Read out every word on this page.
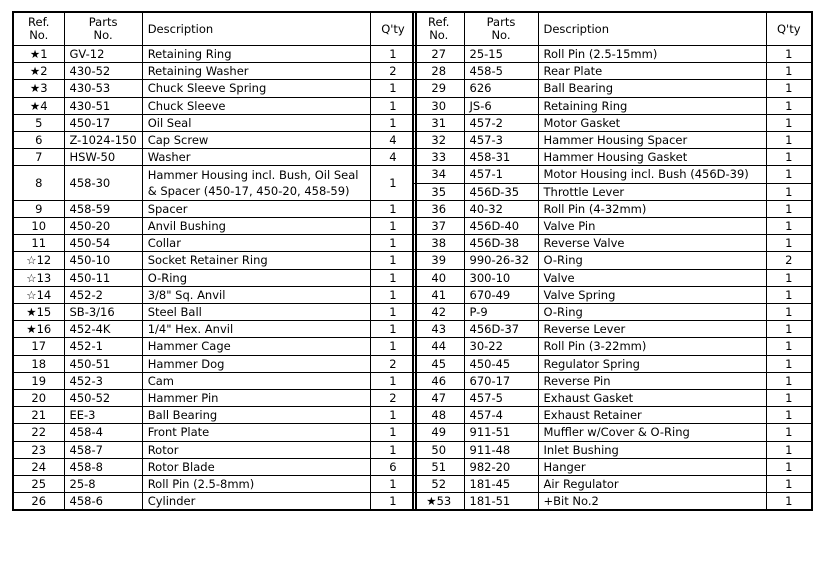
Ref.
No.	Parts
No.	Description	Q'ty
★1	GV-12	Retaining Ring	1
★2	430-52	Retaining Washer	2
★3	430-53	Chuck Sleeve Spring	1
★4	430-51	Chuck Sleeve	1
5	450-17	Oil Seal	1
6	Z-1024-150	Cap Screw	4
7	HSW-50	Washer	4
8	458-30	Hammer Housing incl. Bush, Oil Seal & Spacer (450-17, 450-20, 458-59)	1
9	458-59	Spacer	1
10	450-20	Anvil Bushing	1
11	450-54	Collar	1
☆12	450-10	Socket Retainer Ring	1
☆13	450-11	O-Ring	1
☆14	452-2	3/8" Sq. Anvil	1
★15	SB-3/16	Steel Ball	1
★16	452-4K	1/4" Hex. Anvil	1
17	452-1	Hammer Cage	1
18	450-51	Hammer Dog	2
19	452-3	Cam	1
20	450-52	Hammer Pin	2
21	EE-3	Ball Bearing	1
22	458-4	Front Plate	1
23	458-7	Rotor	1
24	458-8	Rotor Blade	6
25	25-8	Roll Pin (2.5-8mm)	1
26	458-6	Cylinder	1
Ref.
No.	Parts
No.	Description	Q'ty
27	25-15	Roll Pin (2.5-15mm)	1
28	458-5	Rear Plate	1
29	626	Ball Bearing	1
30	JS-6	Retaining Ring	1
31	457-2	Motor Gasket	1
32	457-3	Hammer Housing Spacer	1
33	458-31	Hammer Housing Gasket	1
34	457-1	Motor Housing incl. Bush (456D-39)	1
35	456D-35	Throttle Lever	1
36	40-32	Roll Pin (4-32mm)	1
37	456D-40	Valve Pin	1
38	456D-38	Reverse Valve	1
39	990-26-32	O-Ring	2
40	300-10	Valve	1
41	670-49	Valve Spring	1
42	P-9	O-Ring	1
43	456D-37	Reverse Lever	1
44	30-22	Roll Pin (3-22mm)	1
45	450-45	Regulator Spring	1
46	670-17	Reverse Pin	1
47	457-5	Exhaust Gasket	1
48	457-4	Exhaust Retainer	1
49	911-51	Muffler w/Cover & O-Ring	1
50	911-48	Inlet Bushing	1
51	982-20	Hanger	1
52	181-45	Air Regulator	1
★53	181-51	+Bit No.2	1
